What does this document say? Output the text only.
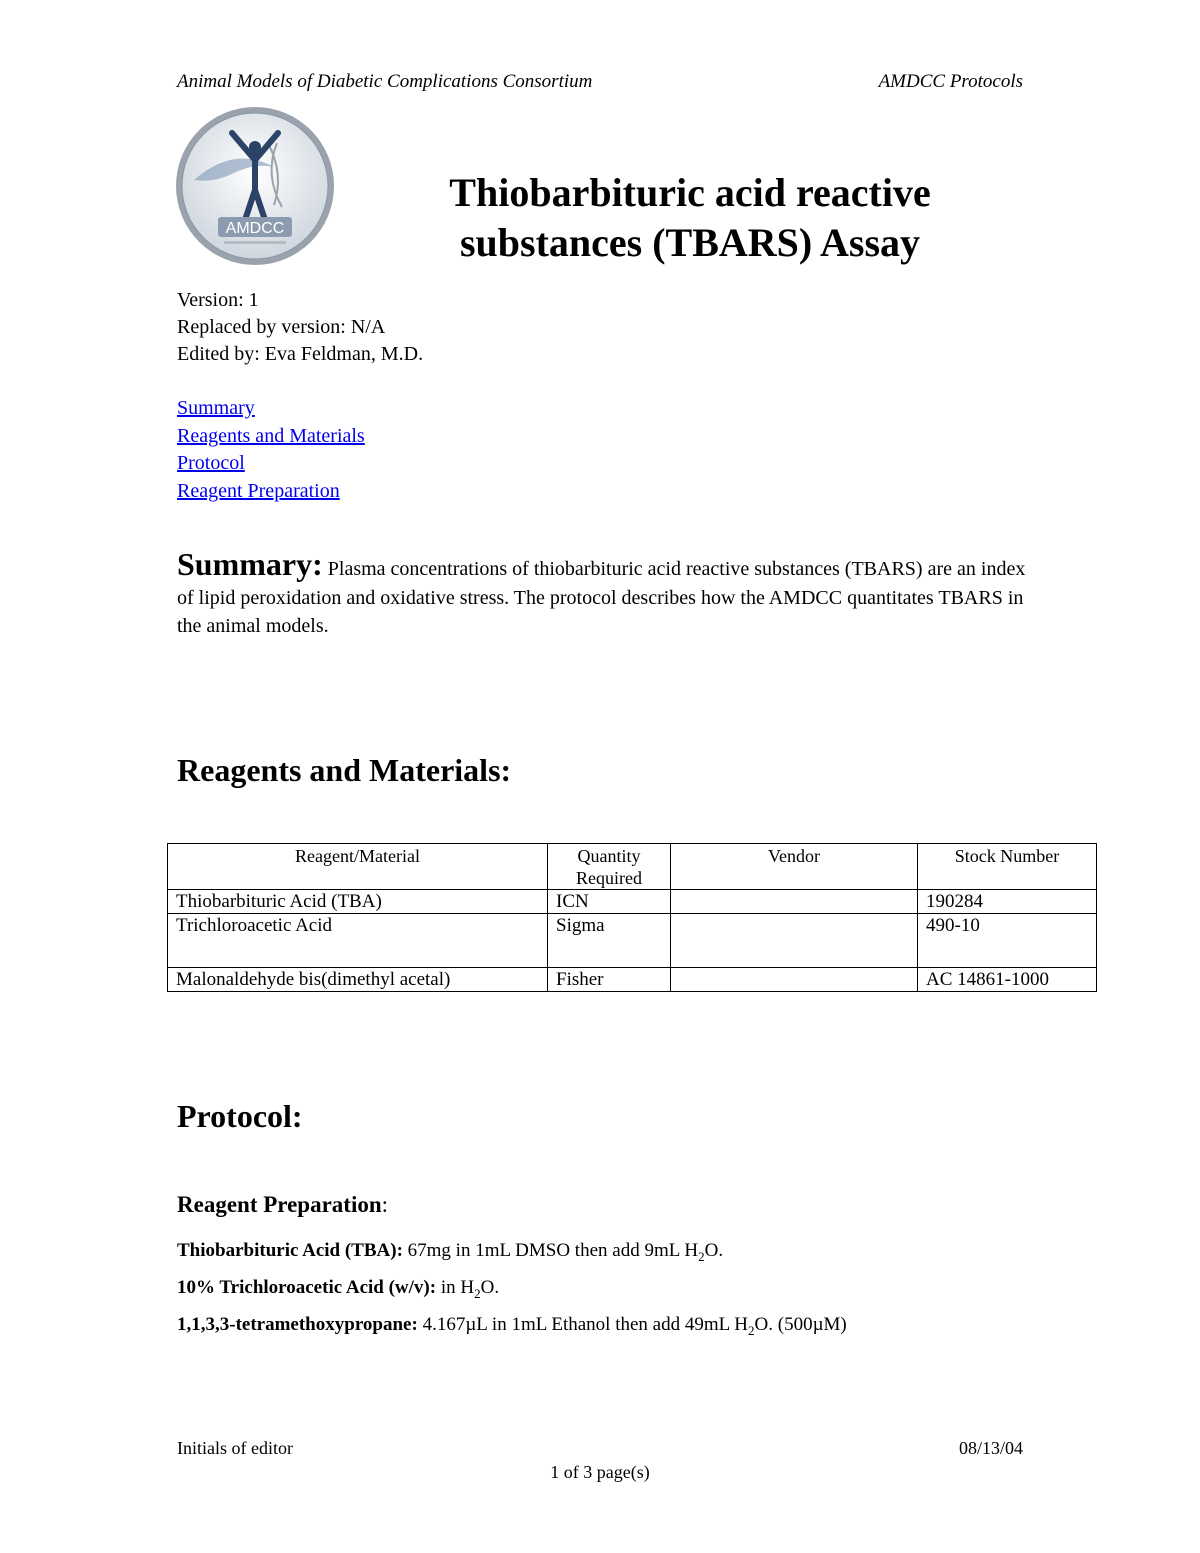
Animal Models of Diabetic Complications Consortium	AMDCC Protocols
AMDCC
Thiobarbituric acid reactive
substances (TBARS) Assay
Version: 1
Replaced by version: N/A
Edited by: Eva Feldman, M.D.
Summary
Reagents and Materials
Protocol
Reagent Preparation
Summary: Plasma concentrations of thiobarbituric acid reactive substances (TBARS) are an index of lipid peroxidation and oxidative stress. The protocol describes how the AMDCC quantitates TBARS in the animal models.
Reagents and Materials:
Reagent/Material	Quantity Required	Vendor	Stock Number
Thiobarbituric Acid (TBA)	ICN		190284
Trichloroacetic Acid	Sigma		490-10
Malonaldehyde bis(dimethyl acetal)	Fisher		AC 14861-1000
Protocol:
Reagent Preparation:
Thiobarbituric Acid (TBA): 67mg in 1mL DMSO then add 9mL $H_2O$.
10% Trichloroacetic Acid (w/v): in $H_2O$.
1,1,3,3-tetramethoxypropane: 4.167µL in 1mL Ethanol then add 49mL $H_2O$. (500µM)
Initials of editor	08/13/04
1 of 3 page(s)
